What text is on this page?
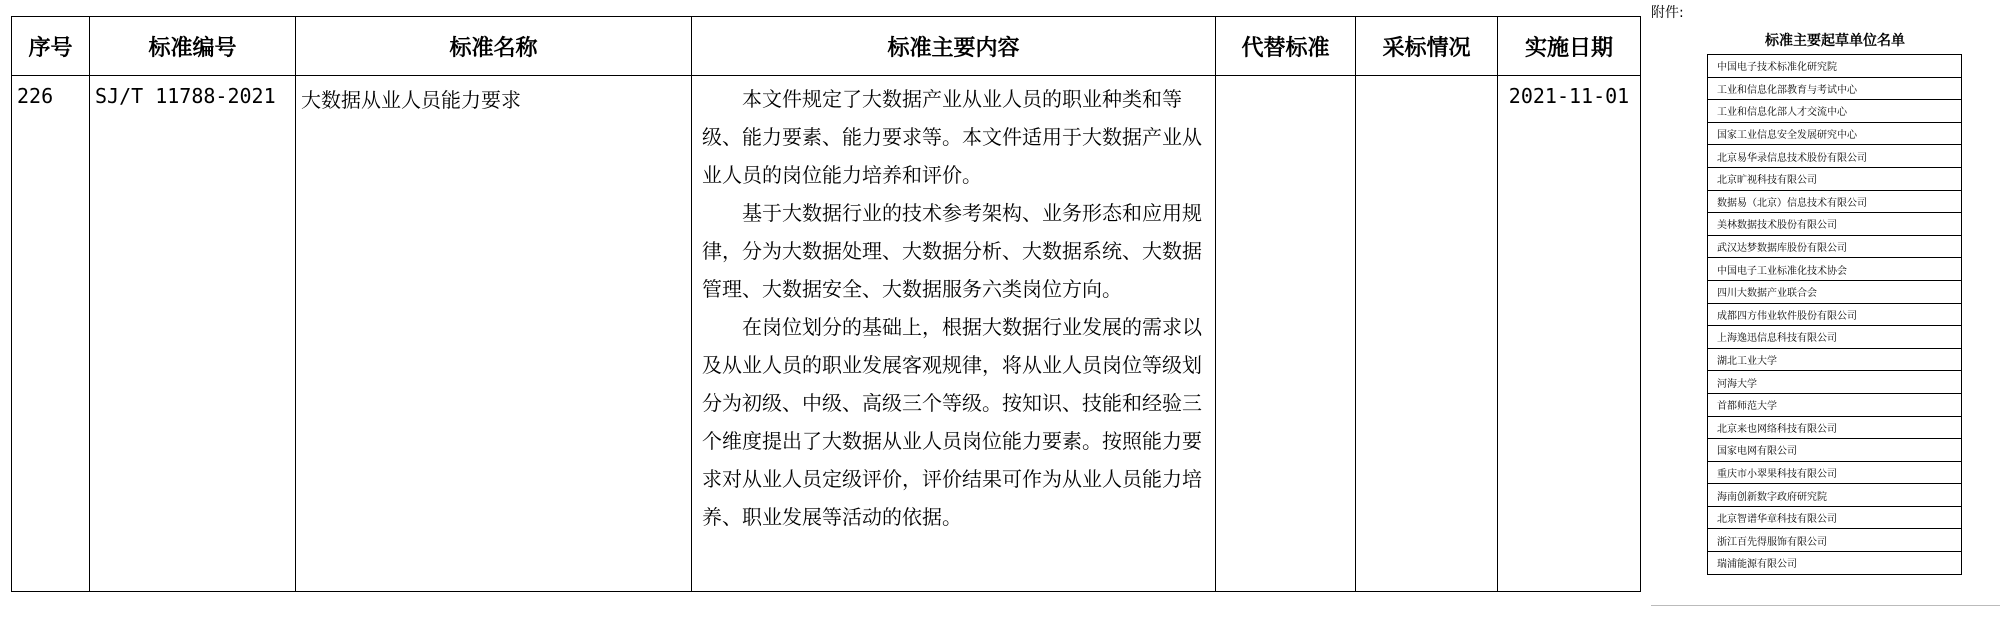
序号	标准编号	标准名称	标准主要内容	代替标准	采标情况	实施日期

226	SJ/T 11788-2021	大数据从业人员能力要求	本文件规定了大数据产业从业人员的职业种类和等级、能力要素、能力要求等。本文件适用于大数据产业从业人员的岗位能力培养和评价。

基于大数据行业的技术参考架构、业务形态和应用规律，分为大数据处理、大数据分析、大数据系统、大数据管理、大数据安全、大数据服务六类岗位方向。

在岗位划分的基础上，根据大数据行业发展的需求以及从业人员的职业发展客观规律，将从业人员岗位等级划分为初级、中级、高级三个等级。按知识、技能和经验三个维度提出了大数据从业人员岗位能力要素。按照能力要求对从业人员定级评价，评价结果可作为从业人员能力培养、职业发展等活动的依据。			2021-11-01
附件:
标准主要起草单位名单
中国电子技术标准化研究院
工业和信息化部教育与考试中心
工业和信息化部人才交流中心
国家工业信息安全发展研究中心
北京易华录信息技术股份有限公司
北京旷视科技有限公司
数据易（北京）信息技术有限公司
美林数据技术股份有限公司
武汉达梦数据库股份有限公司
中国电子工业标准化技术协会
四川大数据产业联合会
成都四方伟业软件股份有限公司
上海逸迅信息科技有限公司
湖北工业大学
河海大学
首都师范大学
北京来也网络科技有限公司
国家电网有限公司
重庆市小翠果科技有限公司
海南创新数字政府研究院
北京智谱华章科技有限公司
浙江百先得服饰有限公司
瑞浦能源有限公司
